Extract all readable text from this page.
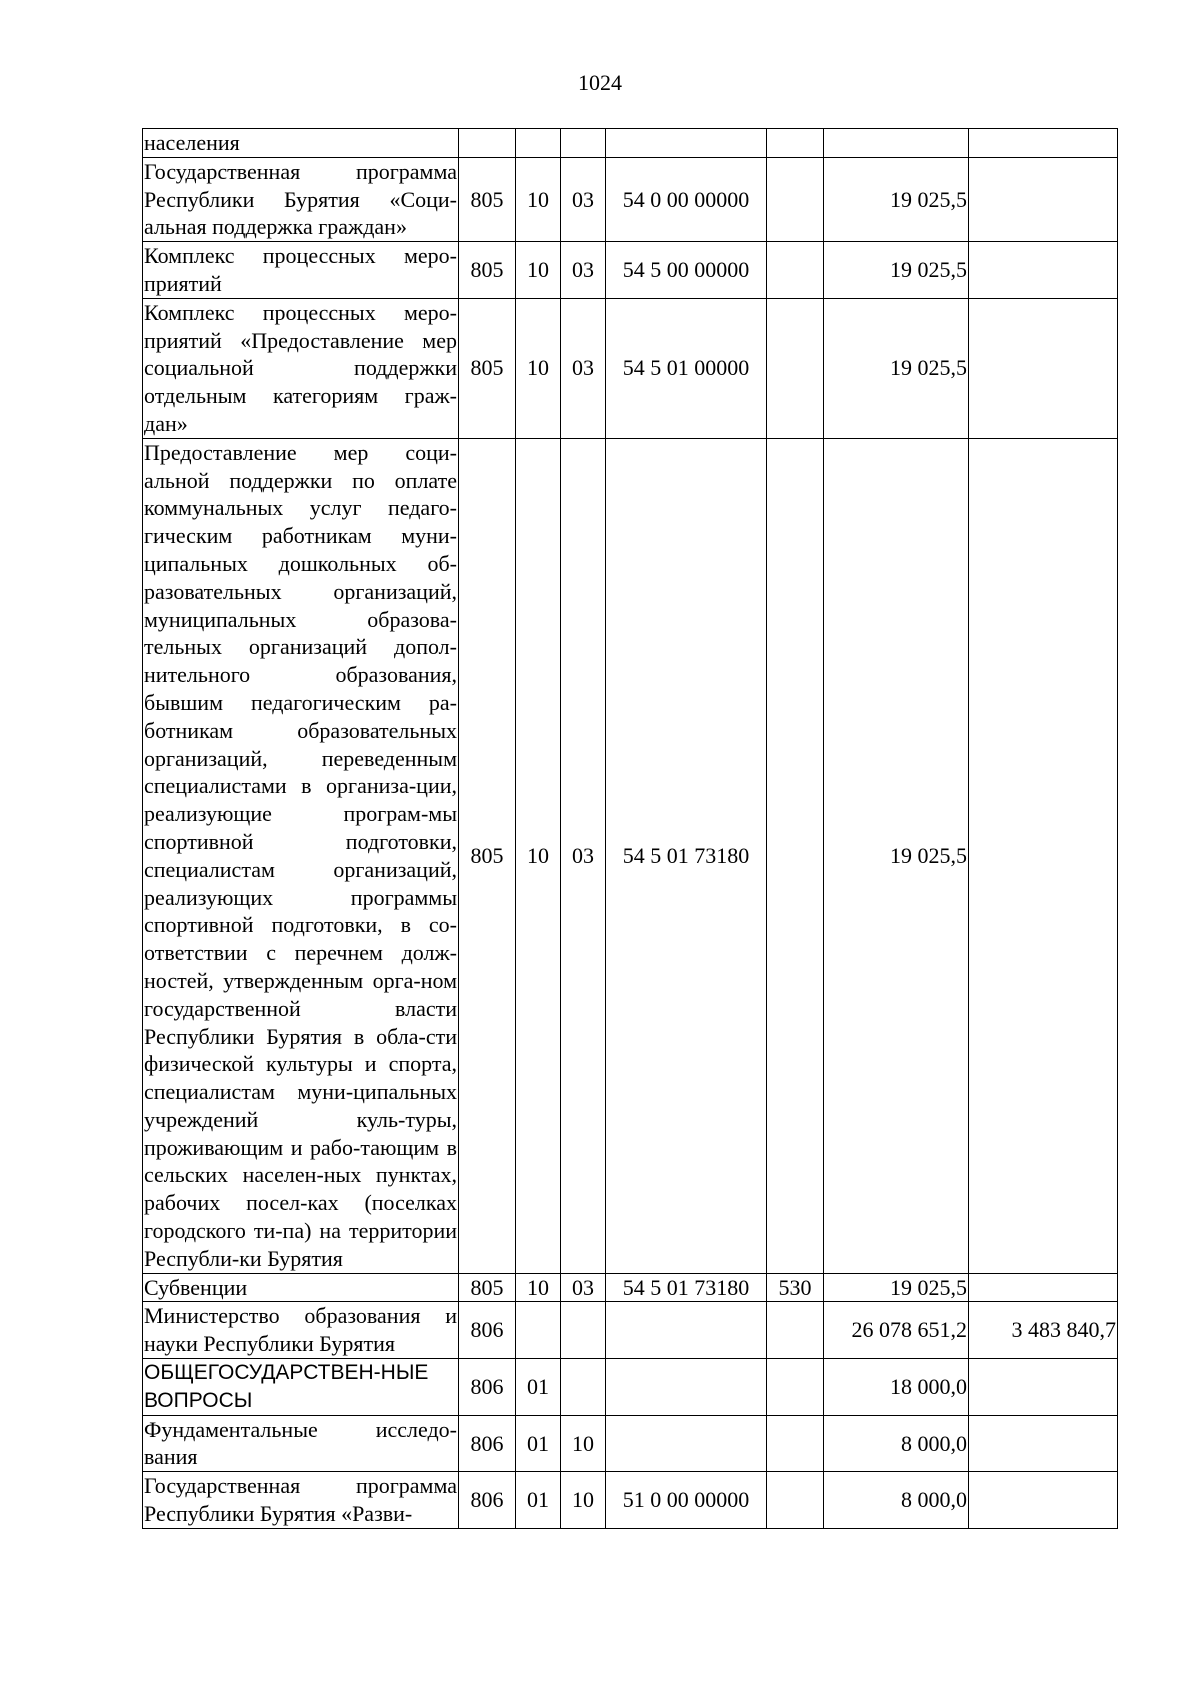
1024
населения							
Государственная программа Республики Бурятия «Соци-альная поддержка граждан»	805	10	03	54 0 00 00000		19 025,5	
Комплекс процессных меро-приятий	805	10	03	54 5 00 00000		19 025,5	
Комплекс процессных меро-приятий «Предоставление мер социальной поддержки отдельным категориям граж-дан»	805	10	03	54 5 01 00000		19 025,5	
Предоставление мер соци-альной поддержки по оплате коммунальных услуг педаго-гическим работникам муни-ципальных дошкольных об-разовательных организаций, муниципальных образова-тельных организаций допол-нительного образования, бывшим педагогическим ра-ботникам образовательных организаций, переведенным специалистами в организа-ции, реализующие програм-мы спортивной подготовки, специалистам организаций, реализующих программы спортивной подготовки, в со-ответствии с перечнем долж-ностей, утвержденным орга-ном государственной власти Республики Бурятия в обла-сти физической культуры и спорта, специалистам муни-ципальных учреждений куль-туры, проживающим и рабо-тающим в сельских населен-ных пунктах, рабочих посел-ках (поселках городского ти-па) на территории Республи-ки Бурятия	805	10	03	54 5 01 73180		19 025,5	
Субвенции	805	10	03	54 5 01 73180	530	19 025,5	
Министерство образования и науки Республики Бурятия	806					26 078 651,2	3 483 840,7
ОБЩЕГОСУДАРСТВЕН-НЫЕ ВОПРОСЫ	806	01				18 000,0	
Фундаментальные исследо-вания	806	01	10			8 000,0	
Государственная программа Республики Бурятия «Разви-	806	01	10	51 0 00 00000		8 000,0	
